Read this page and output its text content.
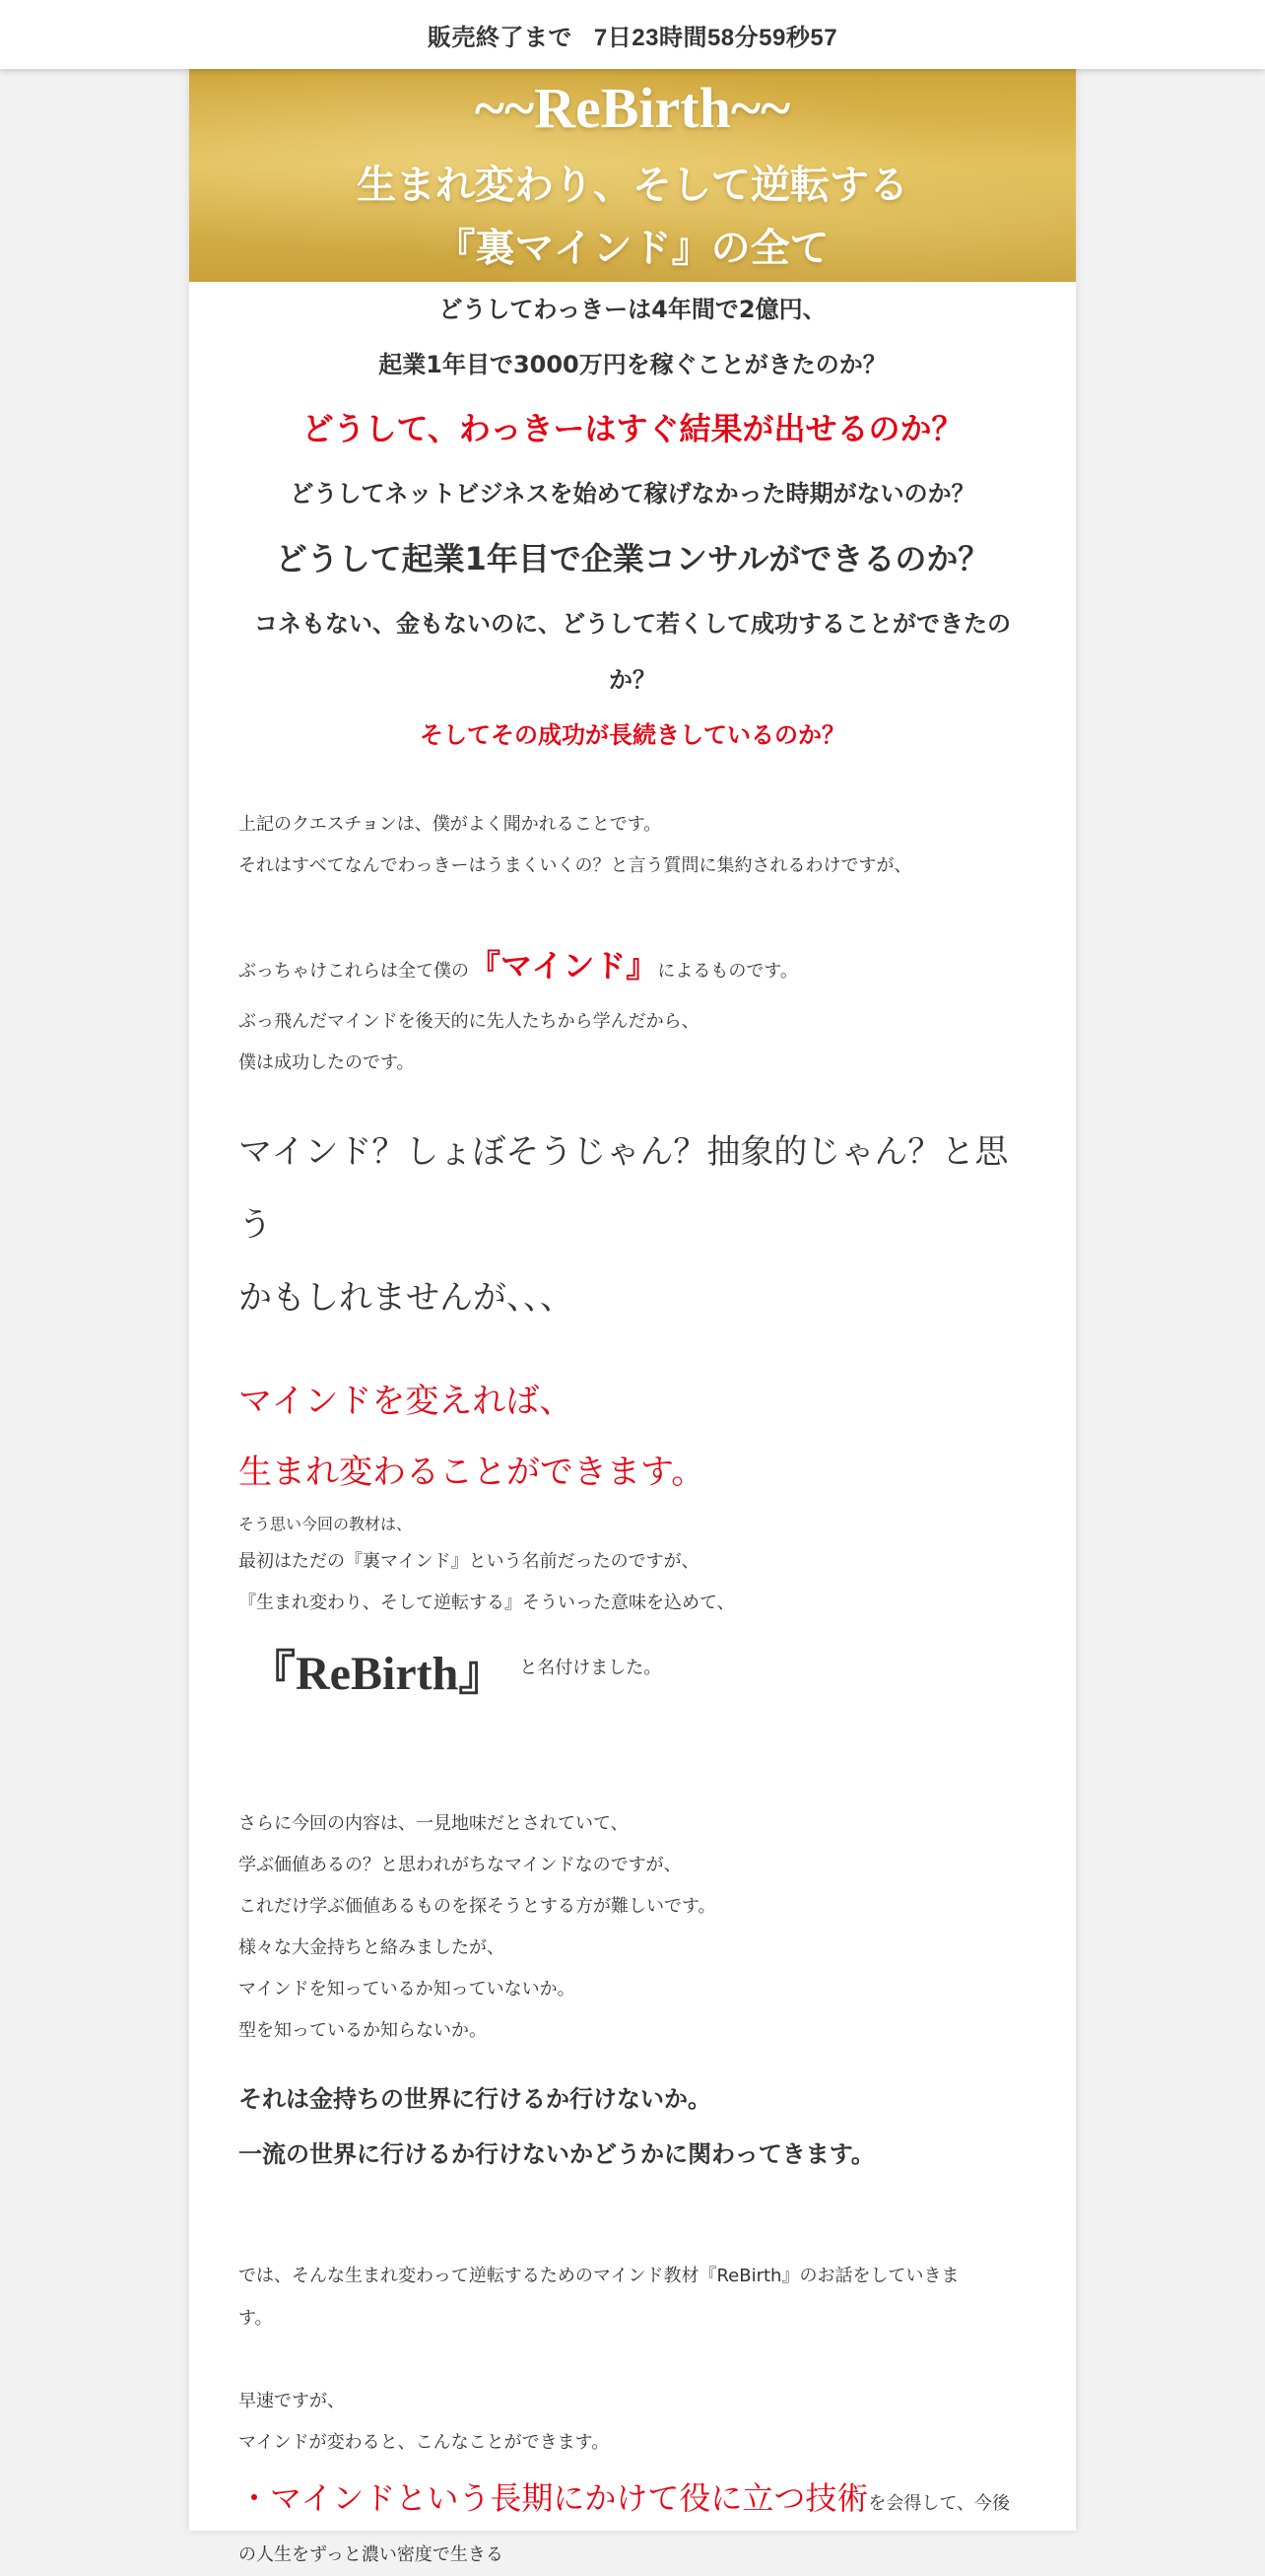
販売終了まで 7日23時間58分59秒57
~~ReBirth~~
生まれ変わり、そして逆転する
『裏マインド』の全て

どうしてわっきーは4年間で2億円、

起業1年目で3000万円を稼ぐことがきたのか？

どうして、わっきーはすぐ結果が出せるのか？

どうしてネットビジネスを始めて稼げなかった時期がないのか？

どうして起業1年目で企業コンサルができるのか？

コネもない、金もないのに、どうして若くして成功することができたの

か？

そしてその成功が長続きしているのか？

上記のクエスチョンは、僕がよく聞かれることです。

それはすべてなんでわっきーはうまくいくの？と言う質問に集約されるわけですが、

ぶっちゃけこれらは全て僕の『マインド』によるものです。

ぶっ飛んだマインドを後天的に先人たちから学んだから、

僕は成功したのです。

マインド？しょぼそうじゃん？抽象的じゃん？と思う

かもしれませんが、、、

マインドを変えれば、

生まれ変わることができます。

そう思い今回の教材は、

最初はただの『裏マインド』という名前だったのですが、

『生まれ変わり、そして逆転する』そういった意味を込めて、

『ReBirth』 と名付けました。

さらに今回の内容は、一見地味だとされていて、

学ぶ価値あるの？と思われがちなマインドなのですが、

これだけ学ぶ価値あるものを探そうとする方が難しいです。

様々な大金持ちと絡みましたが、

マインドを知っているか知っていないか。

型を知っているか知らないか。

それは金持ちの世界に行けるか行けないか。

一流の世界に行けるか行けないかどうかに関わってきます。

では、そんな生まれ変わって逆転するためのマインド教材『ReBirth』のお話をしていきま

す。

早速ですが、

マインドが変わると、こんなことができます。

・マインドという長期にかけて役に立つ技術を会得して、今後

の人生をずっと濃い密度で生きる
